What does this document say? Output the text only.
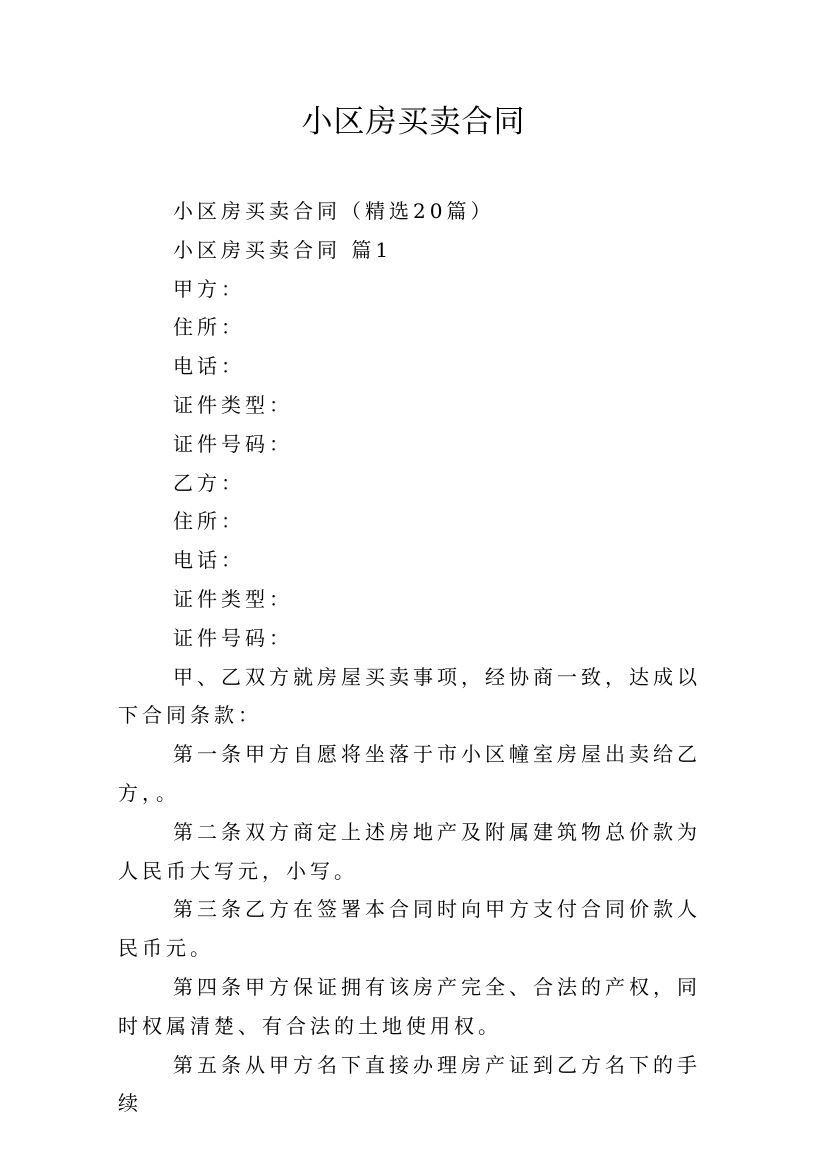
小区房买卖合同
小区房买卖合同（精选20篇）
小区房买卖合同 篇1
甲方：
住所：
电话：
证件类型：
证件号码：
乙方：
住所：
电话：
证件类型：
证件号码：
甲、乙双方就房屋买卖事项，经协商一致，达成以下合同条款：
第一条甲方自愿将坐落于市小区幢室房屋出卖给乙方，。
第二条双方商定上述房地产及附属建筑物总价款为人民币大写元，小写。
第三条乙方在签署本合同时向甲方支付合同价款人民币元。
第四条甲方保证拥有该房产完全、合法的产权，同时权属清楚、有合法的土地使用权。
第五条从甲方名下直接办理房产证到乙方名下的手续
